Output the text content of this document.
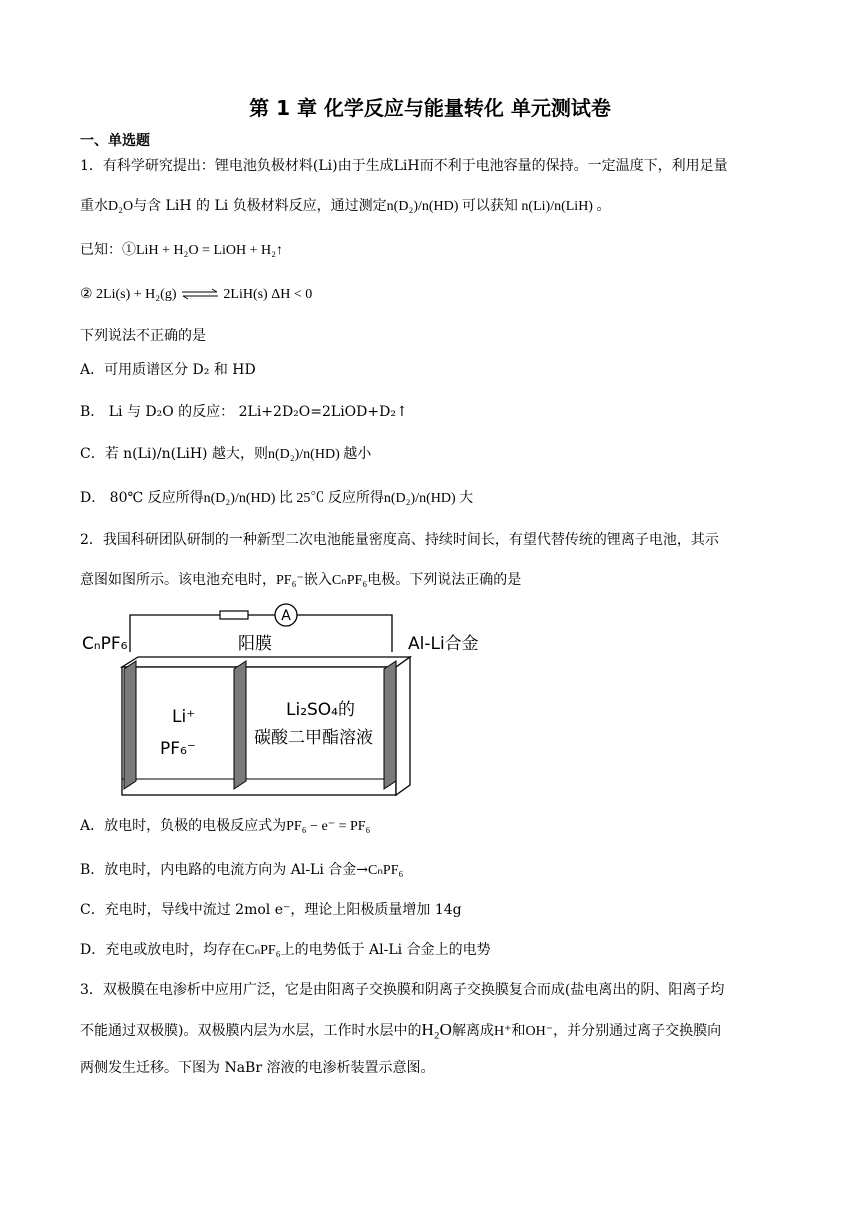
第 1 章 化学反应与能量转化 单元测试卷
一、单选题
1．有科学研究提出：锂电池负极材料(Li)由于生成LiH而不利于电池容量的保持。一定温度下，利用足量
重水D₂O与含 LiH 的 Li 负极材料反应，通过测定n(D₂)/n(HD) 可以获知 n(Li)/n(LiH) 。
已知：①LiH + H₂O = LiOH + H₂↑
② 2Li(s) + H₂(g) ⇌ 2LiH(s) ΔH < 0
下列说法不正确的是
A．可用质谱区分 D₂ 和 HD
B． Li 与 D₂O 的反应： 2Li+2D₂O=2LiOD+D₂↑
C．若 n(Li)/n(LiH) 越大，则n(D₂)/n(HD) 越小
D． 80℃ 反应所得n(D₂)/n(HD) 比 25℃ 反应所得n(D₂)/n(HD) 大
2．我国科研团队研制的一种新型二次电池能量密度高、持续时间长，有望代替传统的锂离子电池，其示
意图如图所示。该电池充电时，PF₆⁻嵌入CₙPF₆电极。下列说法正确的是
A
CₙPF₆	阳膜	Al-Li合金
Li⁺
PF₆⁻
Li₂SO₄的
碳酸二甲酯溶液
A．放电时，负极的电极反应式为PF₆ − e⁻ = PF₆
B．放电时，内电路的电流方向为 Al-Li 合金→CₙPF₆
C．充电时，导线中流过 2mol e⁻，理论上阳极质量增加 14g
D．充电或放电时，均存在CₙPF₆上的电势低于 Al-Li 合金上的电势
3．双极膜在电渗析中应用广泛，它是由阳离子交换膜和阴离子交换膜复合而成(盐电离出的阴、阳离子均
不能通过双极膜)。双极膜内层为水层，工作时水层中的H₂O解离成H⁺和OH⁻，并分别通过离子交换膜向
两侧发生迁移。下图为 NaBr 溶液的电渗析装置示意图。
